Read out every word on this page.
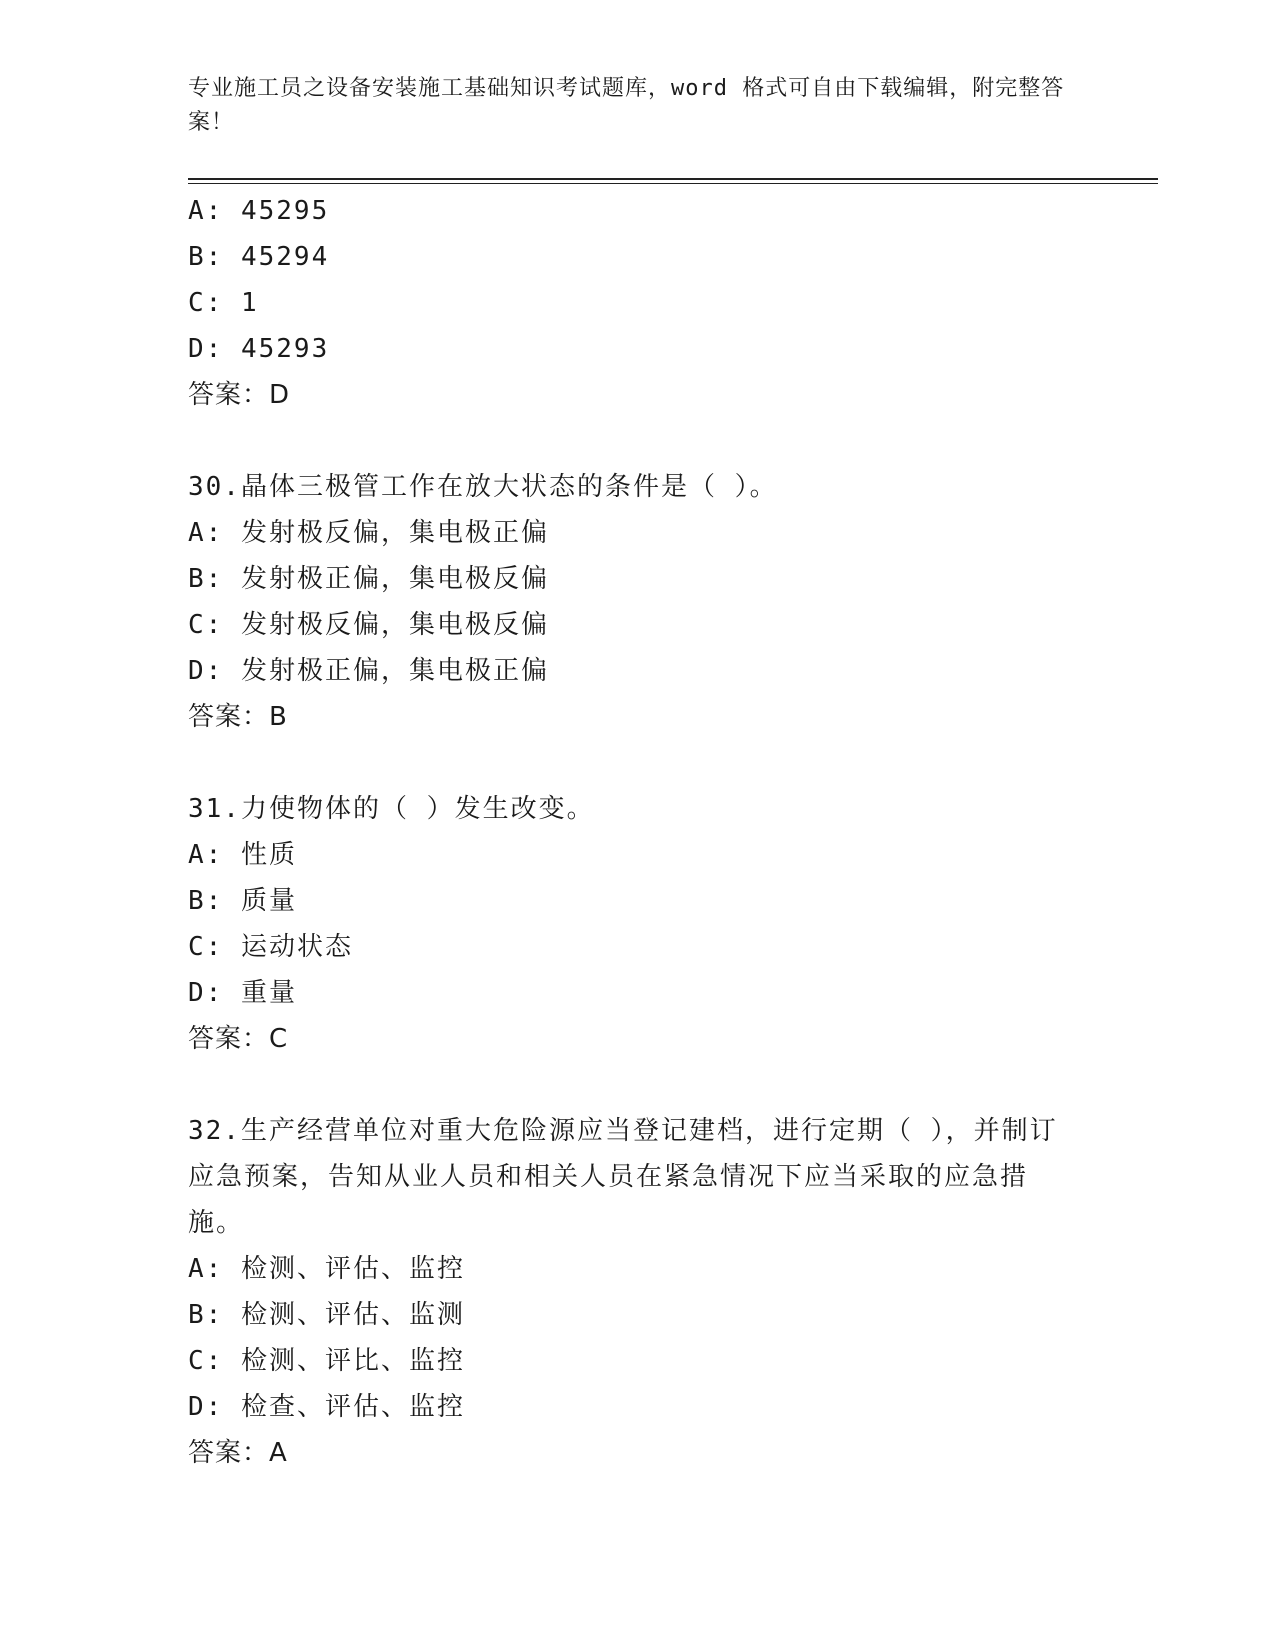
专业施工员之设备安装施工基础知识考试题库，word 格式可自由下载编辑，附完整答案！
A: 45295
B: 45294
C: 1
D: 45293
答案：D
30.晶体三极管工作在放大状态的条件是（ ）。
A: 发射极反偏，集电极正偏
B: 发射极正偏，集电极反偏
C: 发射极反偏，集电极反偏
D: 发射极正偏，集电极正偏
答案：B
31.力使物体的（ ）发生改变。
A: 性质
B: 质量
C: 运动状态
D: 重量
答案：C
32.生产经营单位对重大危险源应当登记建档，进行定期（ ），并制订应急预案，告知从业人员和相关人员在紧急情况下应当采取的应急措施。
A: 检测、评估、监控
B: 检测、评估、监测
C: 检测、评比、监控
D: 检查、评估、监控
答案：A
